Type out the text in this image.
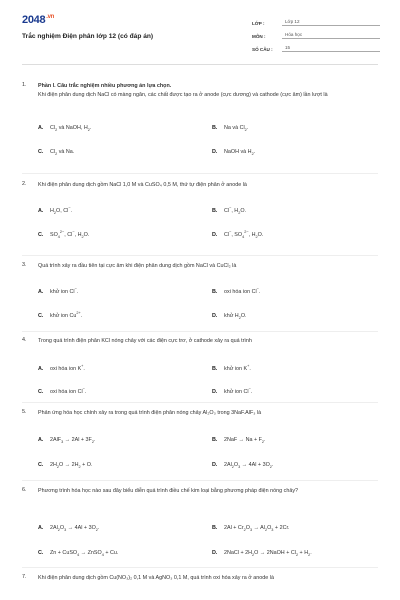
$2048^{.vn}$
Trắc nghiệm Điện phân lớp 12 (có đáp án)
LỚP :	Lớp 12
MÔN :	Hóa học
SỐ CÂU :	15
1. Phần I. Câu trắc nghiệm nhiều phương án lựa chọn.
Khi điện phân dung dịch NaCl có màng ngăn, các chất được tạo ra ở anode (cực dương) và cathode (cực âm) lần lượt là
A. $Cl_2$ và NaOH, $H_2$.	B. Na và $Cl_2$.
C. $Cl_2$ và Na.	D. NaOH và $H_2$.
2. Khi điện phân dung dịch gồm NaCl 1,0 M và CuSO₄ 0,5 M, thứ tự điện phân ở anode là
A. $H_2O$, Cl−.	B. Cl−, $H_2O$.
C. $SO_4^{2-}$, Cl−, $H_2O$.	D. Cl−, $SO_4^{2-}$, $H_2O$.
3. Quá trình xảy ra đầu tiên tại cực âm khi điện phân dung dịch gồm NaCl và CuCl₂ là
A. khử ion Cl−.	B. oxi hóa ion Cl−.
C. khử ion $Cu^{2+}$.	D. khử $H_2O$.
4. Trong quá trình điện phân KCl nóng chảy với các điện cực trơ, ở cathode xảy ra quá trình
A. oxi hóa ion K+.	B. khử ion K+.
C. oxi hóa ion Cl−.	D. khử ion Cl−.
5. Phản ứng hóa học chính xảy ra trong quá trình điện phân nóng chảy Al₂O₃ trong 3NaF.AlF₃ là
A. $2AlF_3 \to 2Al + 3F_2$.	B. $2NaF \to Na + F_2$.
C. $2H_2O \to 2H_2 + O$.	D. $2Al_2O_3 \to 4Al + 3O_2$.
6. Phương trình hóa học nào sau đây biểu diễn quá trình điều chế kim loại bằng phương pháp điện nóng chảy?
A. $2Al_2O_3 \to 4Al + 3O_2$.	B. $2Al + Cr_2O_3 \to Al_2O_3 + 2Cr$.
C. Zn + CuSO$_4$ → ZnSO$_4$ + Cu.	D. 2NaCl + $2H_2O$ → 2NaOH + $Cl_2 + H_2$.
7. Khi điện phân dung dịch gồm Cu(NO₃)₂ 0,1 M và AgNO₃ 0,1 M, quá trình oxi hóa xảy ra ở anode là
